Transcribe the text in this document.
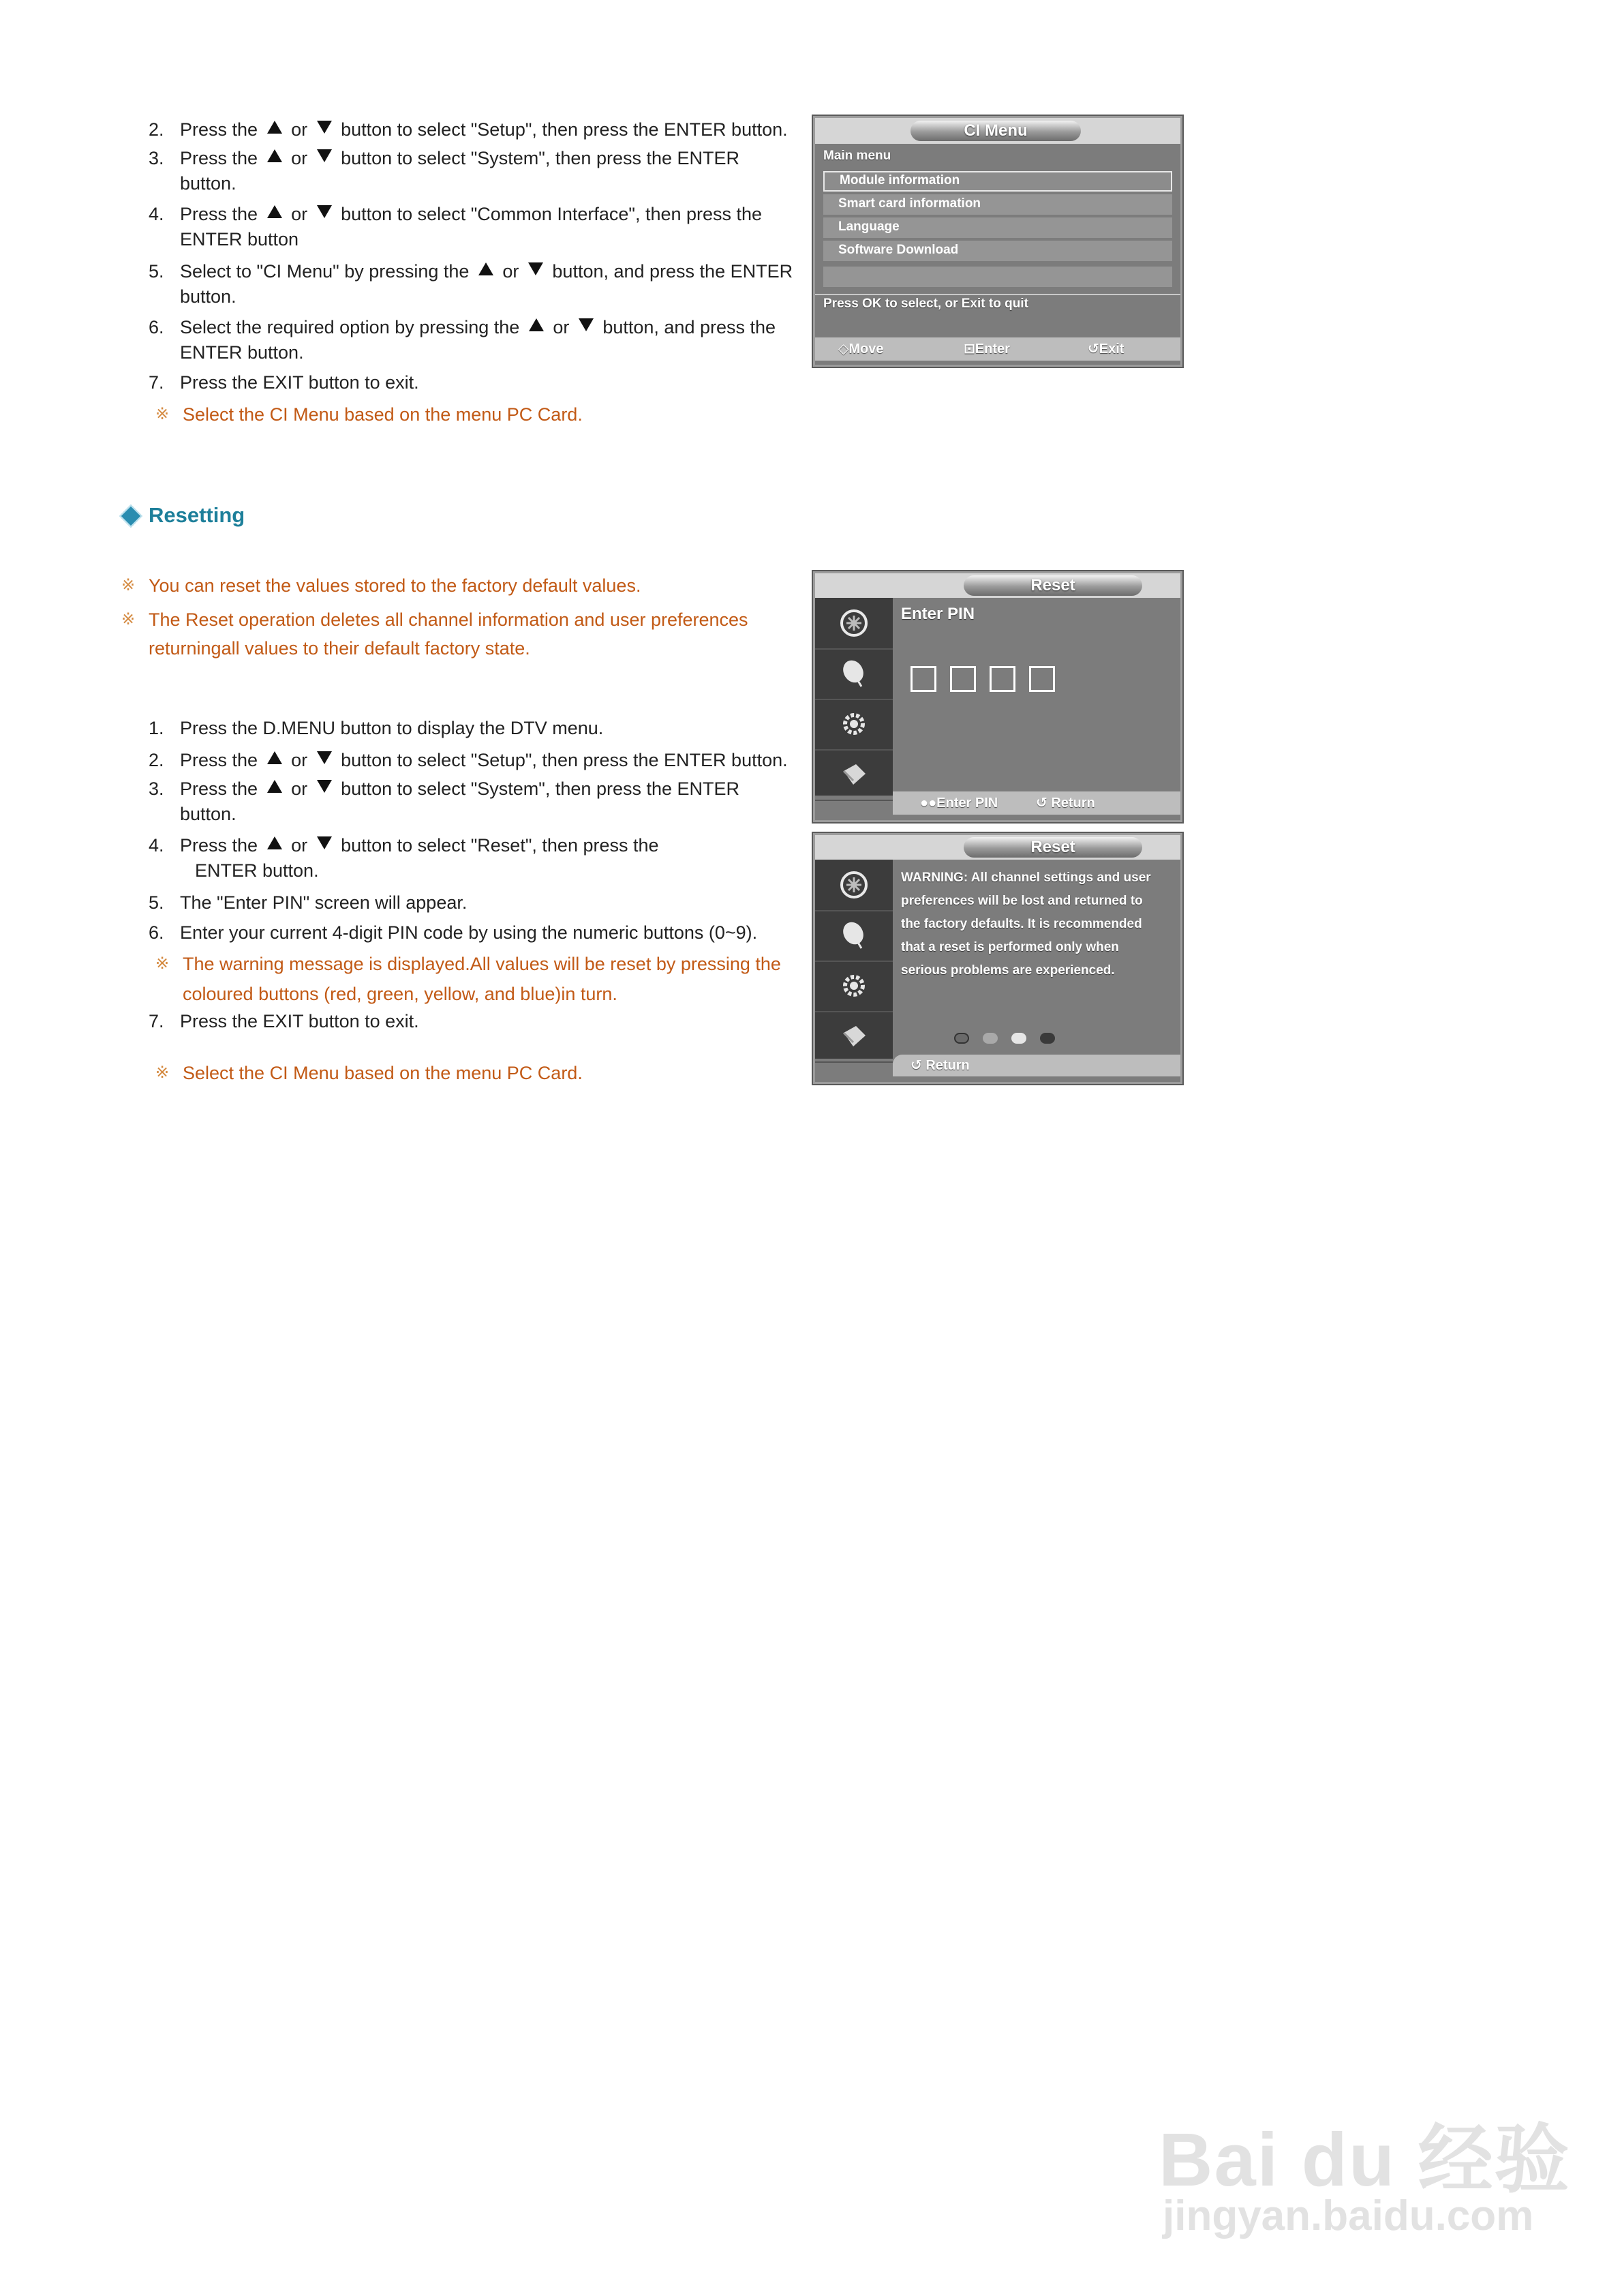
2. Press the  or  button to select "Setup", then press the ENTER button.
3. Press the  or  button to select "System", then press the ENTER
button.
4. Press the  or  button to select "Common Interface", then press the
ENTER button
5. Select to "CI Menu" by pressing the  or  button, and press the ENTER
button.
6. Select the required option by pressing the  or  button, and press the
ENTER button.
7. Press the EXIT button to exit.
※ Select the CI Menu based on the menu PC Card.
CI Menu
Main menu
Module information
Smart card information
Language
Software Download
Press OK to select, or Exit to quit
◇Move	⊡Enter	↺Exit
Resetting
※ You can reset the values stored to the factory default values.
※ The Reset operation deletes all channel information and user preferences
returningall values to their default factory state.
1. Press the D.MENU button to display the DTV menu.
2. Press the  or  button to select "Setup", then press the ENTER button.
3. Press the  or  button to select "System", then press the ENTER
button.
4. Press the  or  button to select "Reset", then press the
ENTER button.
5. The "Enter PIN" screen will appear.
6. Enter your current 4-digit PIN code by using the numeric buttons (0~9).
※ The warning message is displayed.All values will be reset by pressing the
coloured buttons (red, green, yellow, and blue)in turn.
7. Press the EXIT button to exit.
※ Select the CI Menu based on the menu PC Card.
Reset
Enter PIN
●●Enter PIN	↺ Return
Reset
WARNING: All channel settings and user
preferences will be lost and returned to
the factory defaults. It is recommended
that a reset is performed only when
serious problems are experienced.
↺ Return
Bai du 经验
jingyan.baidu.com
